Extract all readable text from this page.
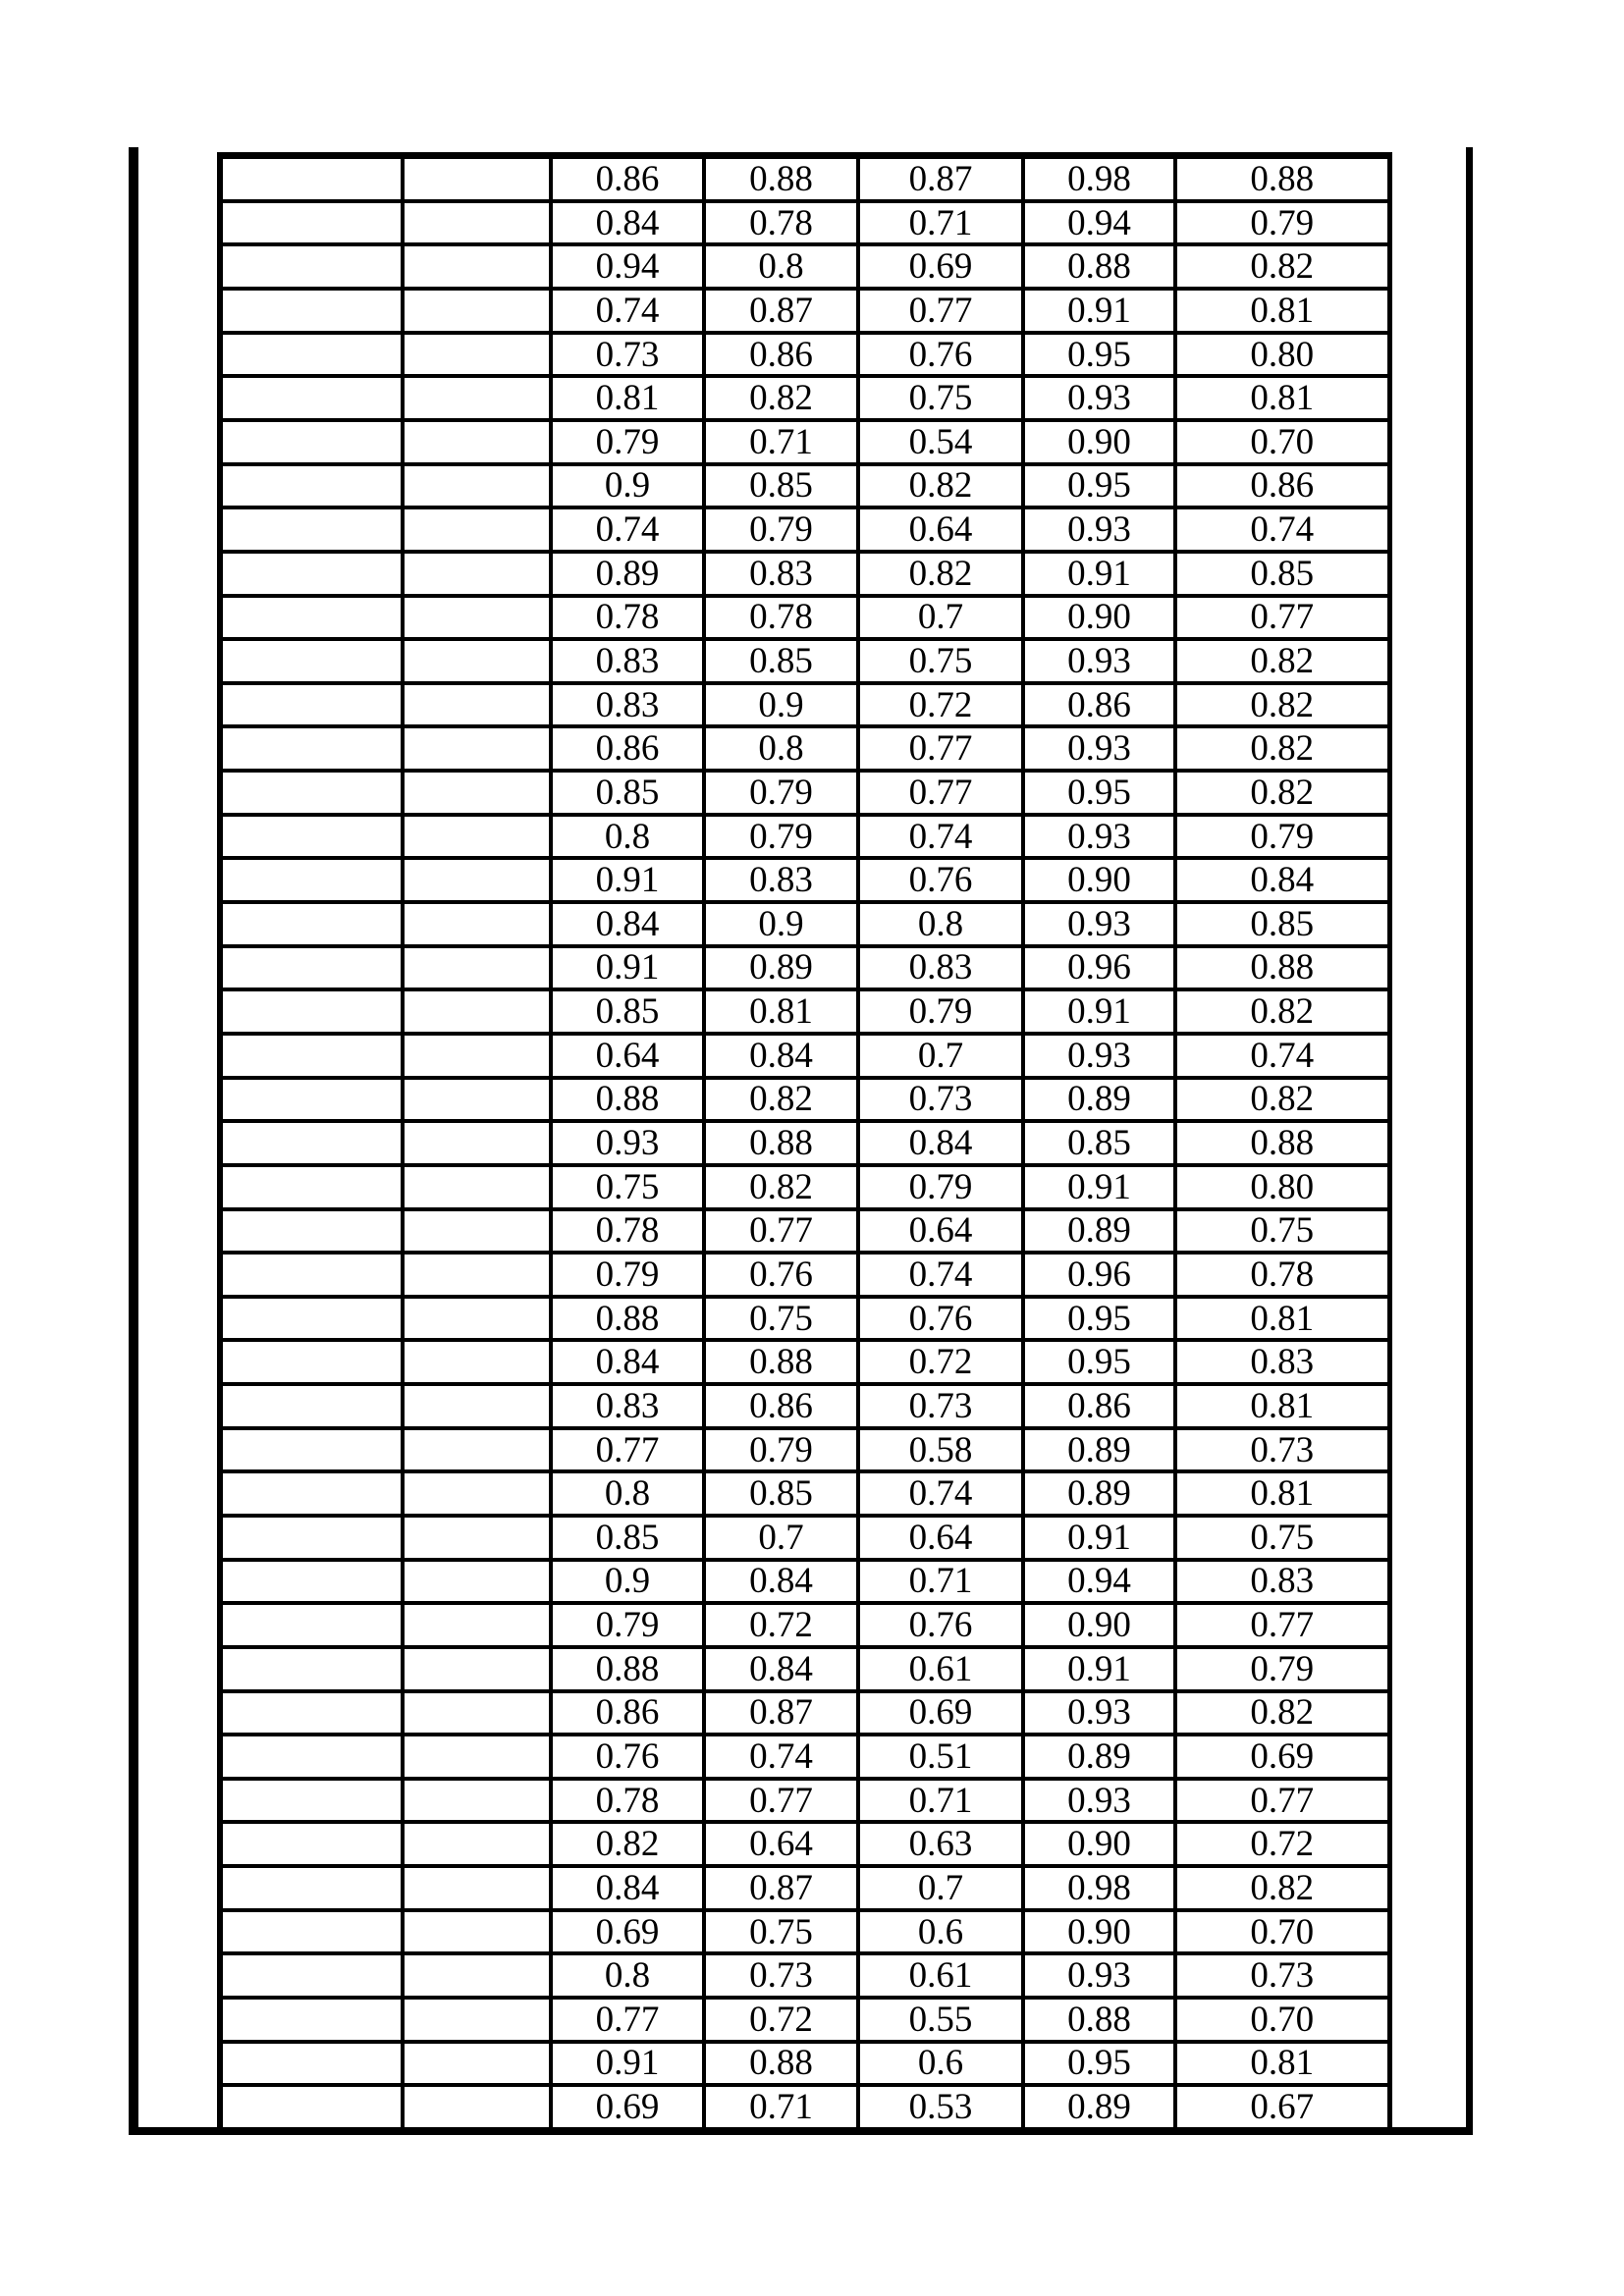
		0.86	0.88	0.87	0.98	0.88
		0.84	0.78	0.71	0.94	0.79
		0.94	0.8	0.69	0.88	0.82
		0.74	0.87	0.77	0.91	0.81
		0.73	0.86	0.76	0.95	0.80
		0.81	0.82	0.75	0.93	0.81
		0.79	0.71	0.54	0.90	0.70
		0.9	0.85	0.82	0.95	0.86
		0.74	0.79	0.64	0.93	0.74
		0.89	0.83	0.82	0.91	0.85
		0.78	0.78	0.7	0.90	0.77
		0.83	0.85	0.75	0.93	0.82
		0.83	0.9	0.72	0.86	0.82
		0.86	0.8	0.77	0.93	0.82
		0.85	0.79	0.77	0.95	0.82
		0.8	0.79	0.74	0.93	0.79
		0.91	0.83	0.76	0.90	0.84
		0.84	0.9	0.8	0.93	0.85
		0.91	0.89	0.83	0.96	0.88
		0.85	0.81	0.79	0.91	0.82
		0.64	0.84	0.7	0.93	0.74
		0.88	0.82	0.73	0.89	0.82
		0.93	0.88	0.84	0.85	0.88
		0.75	0.82	0.79	0.91	0.80
		0.78	0.77	0.64	0.89	0.75
		0.79	0.76	0.74	0.96	0.78
		0.88	0.75	0.76	0.95	0.81
		0.84	0.88	0.72	0.95	0.83
		0.83	0.86	0.73	0.86	0.81
		0.77	0.79	0.58	0.89	0.73
		0.8	0.85	0.74	0.89	0.81
		0.85	0.7	0.64	0.91	0.75
		0.9	0.84	0.71	0.94	0.83
		0.79	0.72	0.76	0.90	0.77
		0.88	0.84	0.61	0.91	0.79
		0.86	0.87	0.69	0.93	0.82
		0.76	0.74	0.51	0.89	0.69
		0.78	0.77	0.71	0.93	0.77
		0.82	0.64	0.63	0.90	0.72
		0.84	0.87	0.7	0.98	0.82
		0.69	0.75	0.6	0.90	0.70
		0.8	0.73	0.61	0.93	0.73
		0.77	0.72	0.55	0.88	0.70
		0.91	0.88	0.6	0.95	0.81
		0.69	0.71	0.53	0.89	0.67
